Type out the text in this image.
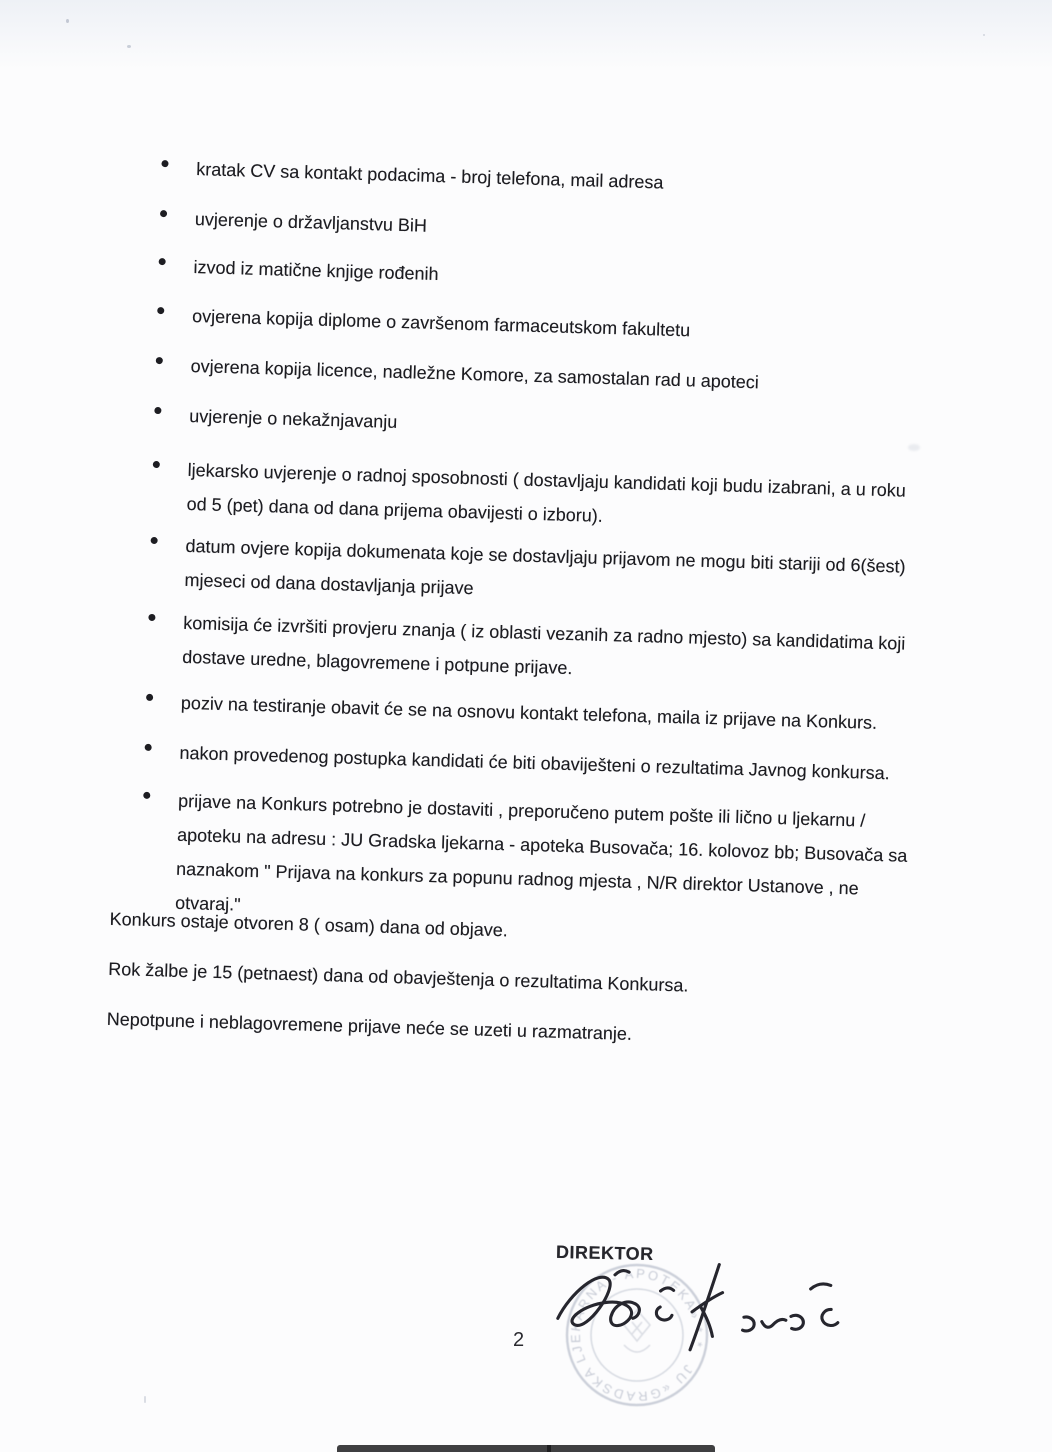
kratak CV sa kontakt podacima - broj telefona, mail adresa
uvjerenje o državljanstvu BiH
izvod iz matične knjige rođenih
ovjerena kopija diplome o završenom farmaceutskom fakultetu
ovjerena kopija licence, nadležne Komore, za samostalan rad u apoteci
uvjerenje o nekažnjavanju
ljekarsko uvjerenje o radnoj sposobnosti ( dostavljaju kandidati koji budu izabrani, a u roku
od 5 (pet) dana od dana prijema obavijesti o izboru).
datum ovjere kopija dokumenata koje se dostavljaju prijavom ne mogu biti stariji od 6(šest)
mjeseci od dana dostavljanja prijave
komisija će izvršiti provjeru znanja ( iz oblasti vezanih za radno mjesto) sa kandidatima koji
dostave uredne, blagovremene i potpune prijave.
poziv na testiranje obavit će se na osnovu kontakt telefona, maila iz prijave na Konkurs.
nakon provedenog postupka kandidati će biti obaviješteni o rezultatima Javnog konkursa.
prijave na Konkurs potrebno je dostaviti , preporučeno putem pošte ili lično u ljekarnu /
apoteku na adresu : JU Gradska ljekarna - apoteka Busovača; 16. kolovoz bb; Busovača sa
naznakom " Prijava na konkurs za popunu radnog mjesta , N/R direktor Ustanove , ne
otvaraj."
Konkurs ostaje otvoren 8 ( osam) dana od objave.
Rok žalbe je 15 (petnaest) dana od obavještenja o rezultatima Konkursa.
Nepotpune i neblagovremene prijave neće se uzeti u razmatranje.
DIREKTOR
JU «GRADSKA LJEKARNA - APOTEKA» * *
2
